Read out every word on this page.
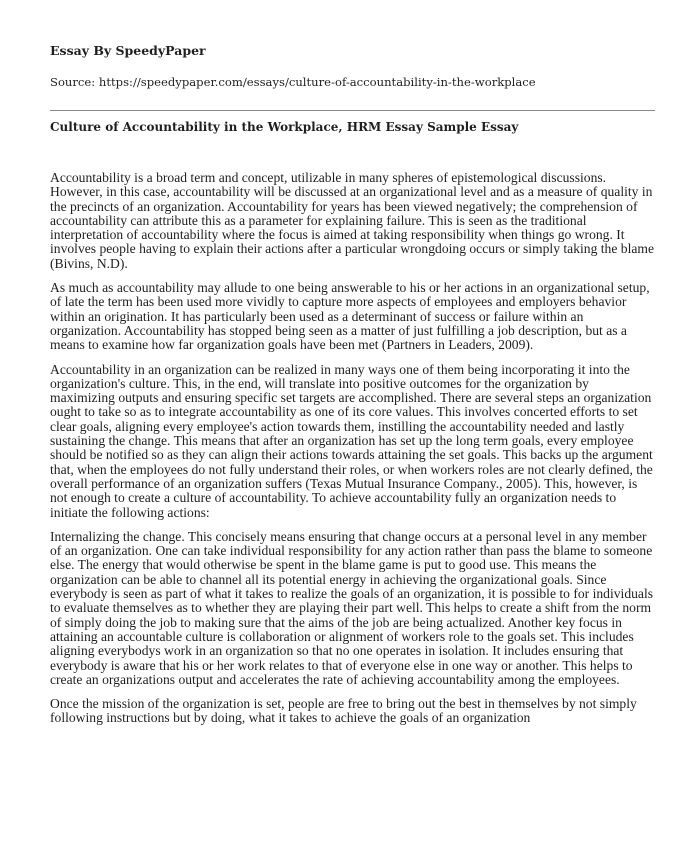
Essay By SpeedyPaper
Source: https://speedypaper.com/essays/culture-of-accountability-in-the-workplace
Culture of Accountability in the Workplace, HRM Essay Sample Essay

Accountability is a broad term and concept, utilizable in many spheres of epistemological discussions. However, in this case, accountability will be discussed at an organizational level and as a measure of quality in the precincts of an organization. Accountability for years has been viewed negatively; the comprehension of accountability can attribute this as a parameter for explaining failure. This is seen as the traditional interpretation of accountability where the focus is aimed at taking responsibility when things go wrong. It involves people having to explain their actions after a particular wrongdoing occurs or simply taking the blame (Bivins, N.D).

As much as accountability may allude to one being answerable to his or her actions in an organizational setup, of late the term has been used more vividly to capture more aspects of employees and employers behavior within an origination. It has particularly been used as a determinant of success or failure within an organization. Accountability has stopped being seen as a matter of just fulfilling a job description, but as a means to examine how far organization goals have been met (Partners in Leaders, 2009).

Accountability in an organization can be realized in many ways one of them being incorporating it into the organization's culture. This, in the end, will translate into positive outcomes for the organization by maximizing outputs and ensuring specific set targets are accomplished. There are several steps an organization ought to take so as to integrate accountability as one of its core values. This involves concerted efforts to set clear goals, aligning every employee's action towards them, instilling the accountability needed and lastly sustaining the change. This means that after an organization has set up the long term goals, every employee should be notified so as they can align their actions towards attaining the set goals. This backs up the argument that, when the employees do not fully understand their roles, or when workers roles are not clearly defined, the overall performance of an organization suffers (Texas Mutual Insurance Company., 2005). This, however, is not enough to create a culture of accountability. To achieve accountability fully an organization needs to initiate the following actions:

Internalizing the change. This concisely means ensuring that change occurs at a personal level in any member of an organization. One can take individual responsibility for any action rather than pass the blame to someone else. The energy that would otherwise be spent in the blame game is put to good use. This means the organization can be able to channel all its potential energy in achieving the organizational goals. Since everybody is seen as part of what it takes to realize the goals of an organization, it is possible to for individuals to evaluate themselves as to whether they are playing their part well. This helps to create a shift from the norm of simply doing the job to making sure that the aims of the job are being actualized. Another key focus in attaining an accountable culture is collaboration or alignment of workers role to the goals set. This includes aligning everybodys work in an organization so that no one operates in isolation. It includes ensuring that everybody is aware that his or her work relates to that of everyone else in one way or another. This helps to create an organizations output and accelerates the rate of achieving accountability among the employees.

Once the mission of the organization is set, people are free to bring out the best in themselves by not simply following instructions but by doing, what it takes to achieve the goals of an organization
